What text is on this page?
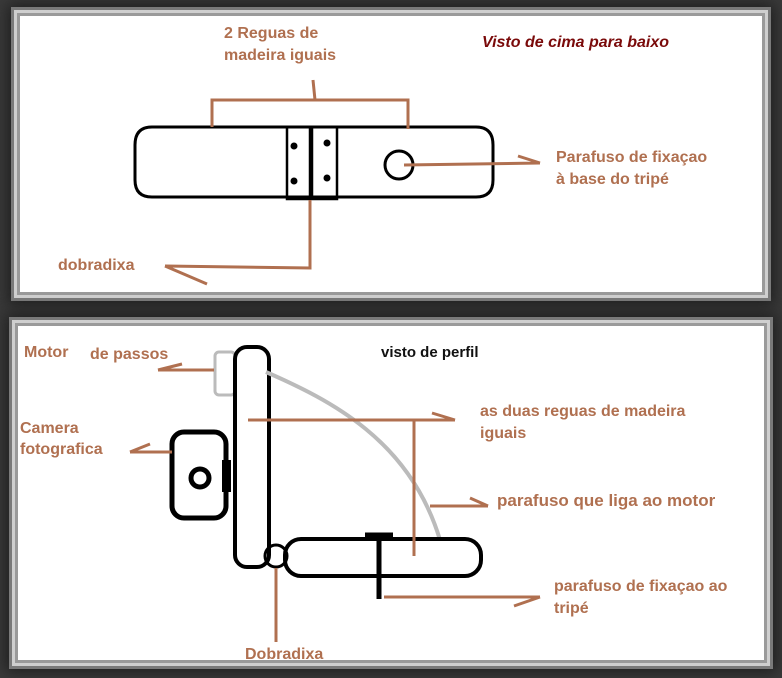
2 Reguas de
madeira iguais

Visto de cima para baixo

Parafuso de fixaçao
à base do tripé

dobradixa

visto de perfil

Motor de passos

Camera
fotografica

as duas reguas de madeira
iguais

parafuso que liga ao motor

parafuso de fixaçao ao
tripé

Dobradixa
